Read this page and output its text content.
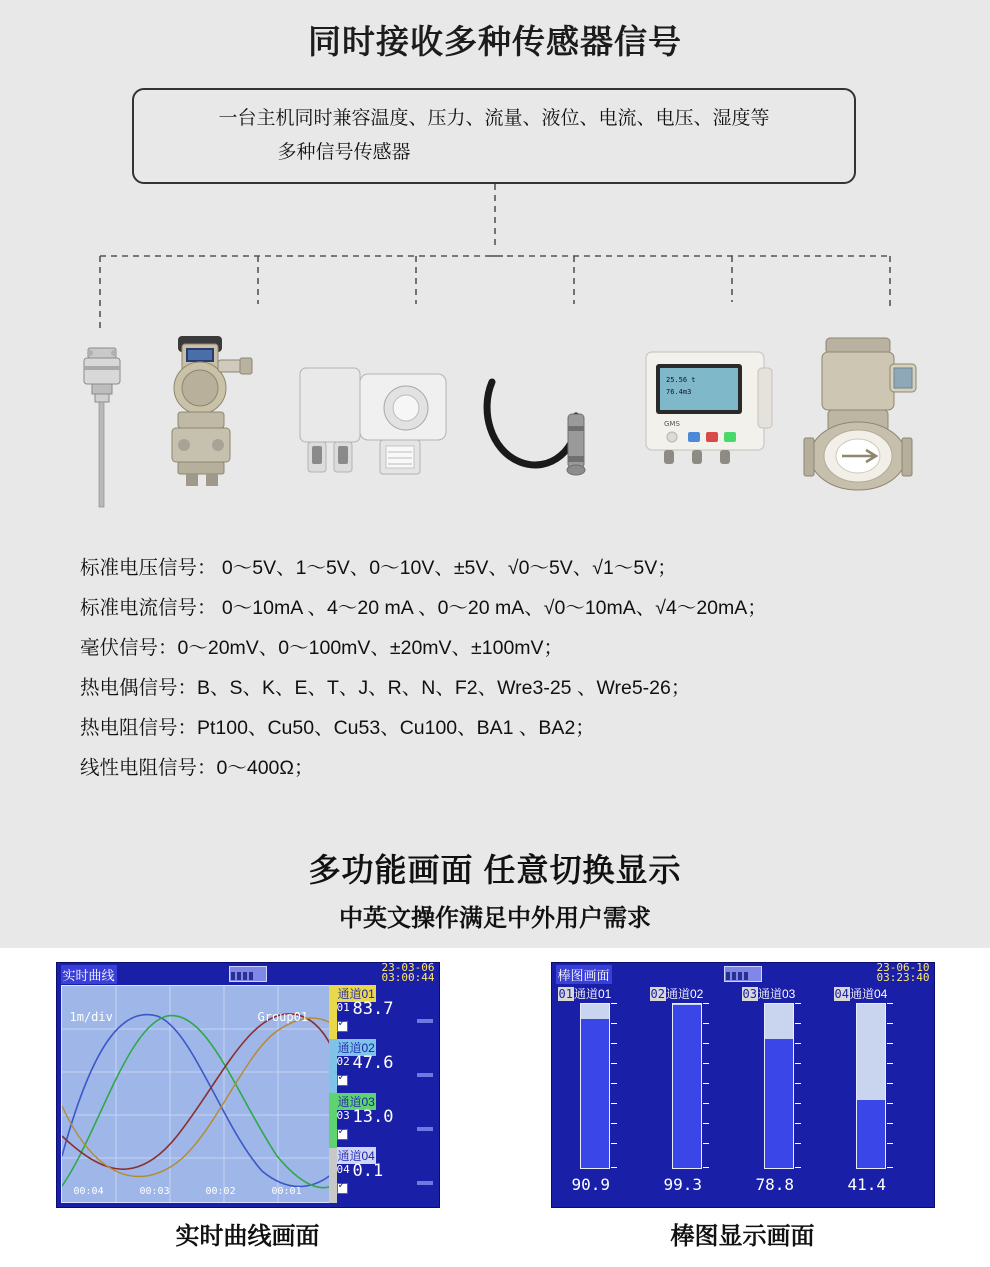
同时接收多种传感器信号
一台主机同时兼容温度、压力、流量、液位、电流、电压、湿度等
多种信号传感器
25.56 t
76.4m3
GMS
标准电压信号： 0～5V、1～5V、0～10V、±5V、√0～5V、√1～5V；
标准电流信号： 0～10mA 、4～20 mA 、0～20 mA、√0～10mA、√4～20mA；
毫伏信号：0～20mV、0～100mV、±20mV、±100mV；
热电偶信号：B、S、K、E、T、J、R、N、F2、Wre3-25 、Wre5-26；
热电阻信号：Pt100、Cu50、Cu53、Cu100、BA1 、BA2；
线性电阻信号：0～400Ω；
多功能画面 任意切换显示
中英文操作满足中外用户需求
实时曲线
23-03-06
03:00:44
1m/div	Group01
00:04	00:03	00:02	00:01
通道01
01 83.7
✓
通道02
02 47.6
✓
通道03
03 13.0
✓
通道04
04 0.1
✓
实时曲线画面
棒图画面
23-06-10
03:23:40
01通道01
90.9
02通道02
99.3
03通道03
78.8
04通道04
41.4
棒图显示画面
